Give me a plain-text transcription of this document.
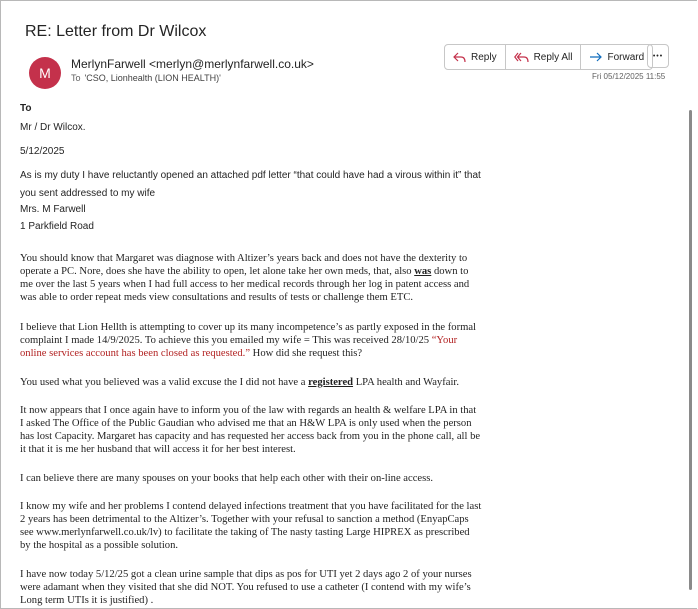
RE: Letter from Dr Wilcox
M
MerlynFarwell <merlyn@merlynfarwell.co.uk>
To 'CSO, Lionhealth (LION HEALTH)'
Reply	Reply All	Forward •••
Fri 05/12/2025 11:55
To
Mr / Dr Wilcox.
5/12/2025
As is my duty I have reluctantly opened an attached pdf letter “that could have had a virous within it” that
you sent addressed to my wife
Mrs. M Farwell
1 Parkfield Road
You should know that Margaret was diagnose with Altizer’s years back and does not have the dexterity to
operate a PC. Nore, does she have the ability to open, let alone take her own meds, that, also was down to
me over the last 5 years when I had full access to her medical records through her log in patent access and
was able to order repeat meds view consultations and results of tests or challenge them ETC.
I believe that Lion Hellth is attempting to cover up its many incompetence’s as partly exposed in the formal
complaint I made 14/9/2025. To achieve this you emailed my wife = This was received 28/10/25 “Your
online services account has been closed as requested.” How did she request this?
You used what you believed was a valid excuse the I did not have a registered LPA health and Wayfair.
It now appears that I once again have to inform you of the law with regards an health & welfare LPA in that
I asked The Office of the Public Gaudian who advised me that an H&W LPA is only used when the person
has lost Capacity. Margaret has capacity and has requested her access back from you in the phone call, all be
it that it is me her husband that will access it for her best interest.
I can believe there are many spouses on your books that help each other with their on-line access.
I know my wife and her problems I contend delayed infections treatment that you have facilitated for the last
2 years has been detrimental to the Altizer’s. Together with your refusal to sanction a method (EnyapCaps
see www.merlynfarwell.co.uk/lv) to facilitate the taking of The nasty tasting Large HIPREX as prescribed
by the hospital as a possible solution.
I have now today 5/12/25 got a clean urine sample that dips as pos for UTI yet 2 days ago 2 of your nurses
were adamant when they visited that she did NOT. You refused to use a catheter (I contend with my wife’s
Long term UTIs it is justified) .
